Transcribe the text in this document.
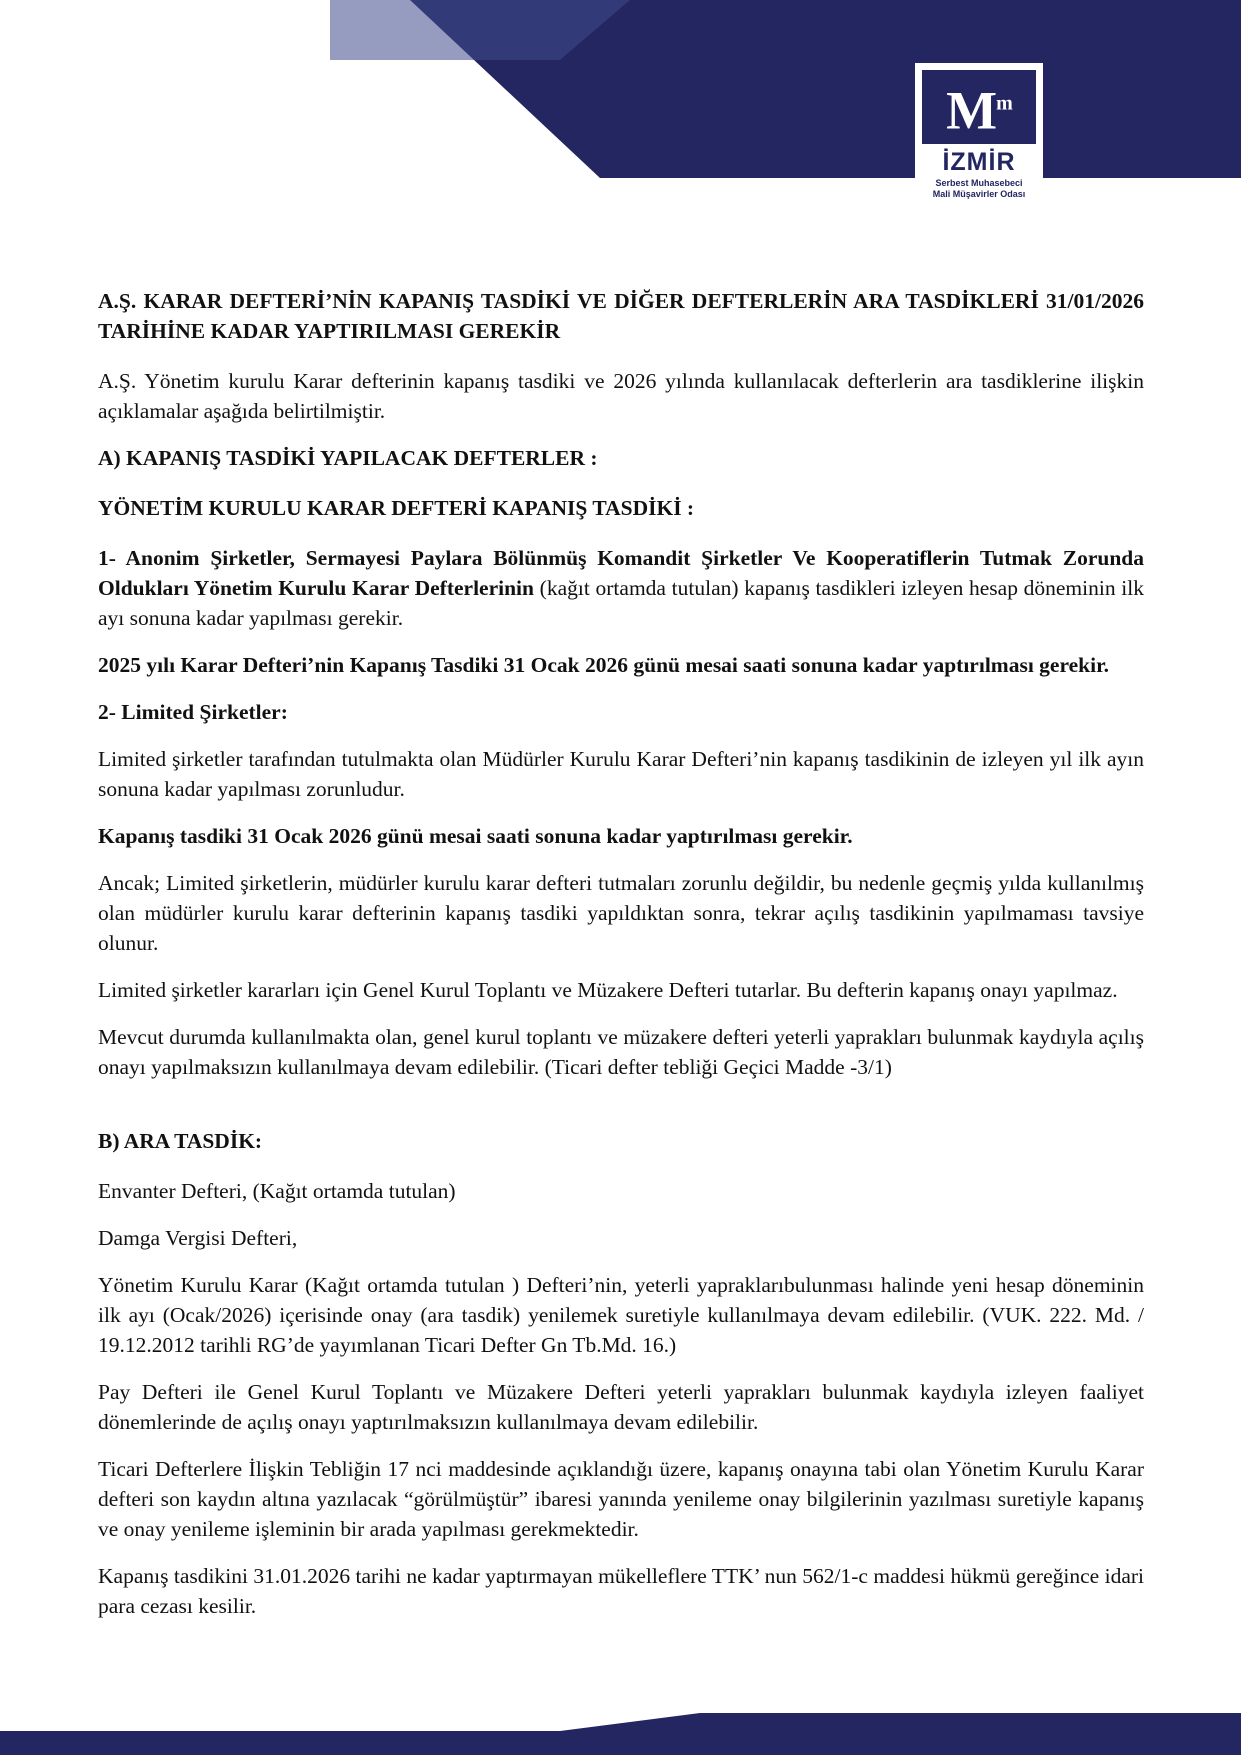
$M^m$
İZMİR
Serbest Muhasebeci
Mali Müşavirler Odası

A.Ş. KARAR DEFTERİ’NİN KAPANIŞ TASDİKİ VE DİĞER DEFTERLERİN ARA TASDİKLERİ 31/01/2026 TARİHİNE KADAR YAPTIRILMASI GEREKİR

A.Ş. Yönetim kurulu Karar defterinin kapanış tasdiki ve 2026 yılında kullanılacak defterlerin ara tasdiklerine ilişkin açıklamalar aşağıda belirtilmiştir.

A) KAPANIŞ TASDİKİ YAPILACAK DEFTERLER :

YÖNETİM KURULU KARAR DEFTERİ KAPANIŞ TASDİKİ :

1- Anonim Şirketler, Sermayesi Paylara Bölünmüş Komandit Şirketler Ve Kooperatiflerin Tutmak Zorunda Oldukları Yönetim Kurulu Karar Defterlerinin (kağıt ortamda tutulan) kapanış tasdikleri izleyen hesap döneminin ilk ayı sonuna kadar yapılması gerekir.

2025 yılı Karar Defteri’nin Kapanış Tasdiki 31 Ocak 2026 günü mesai saati sonuna kadar yaptırılması gerekir.

2- Limited Şirketler:

Limited şirketler tarafından tutulmakta olan Müdürler Kurulu Karar Defteri’nin kapanış tasdikinin de izleyen yıl ilk ayın sonuna kadar yapılması zorunludur.

Kapanış tasdiki 31 Ocak 2026 günü mesai saati sonuna kadar yaptırılması gerekir.

Ancak; Limited şirketlerin, müdürler kurulu karar defteri tutmaları zorunlu değildir, bu nedenle geçmiş yılda kullanılmış olan müdürler kurulu karar defterinin kapanış tasdiki yapıldıktan sonra, tekrar açılış tasdikinin yapılmaması tavsiye olunur.

Limited şirketler kararları için Genel Kurul Toplantı ve Müzakere Defteri tutarlar. Bu defterin kapanış onayı yapılmaz.

Mevcut durumda kullanılmakta olan, genel kurul toplantı ve müzakere defteri yeterli yaprakları bulunmak kaydıyla açılış onayı yapılmaksızın kullanılmaya devam edilebilir. (Ticari defter tebliği Geçici Madde -3/1)

B) ARA TASDİK:

Envanter Defteri, (Kağıt ortamda tutulan)

Damga Vergisi Defteri,

Yönetim Kurulu Karar (Kağıt ortamda tutulan ) Defteri’nin, yeterli yapraklarıbulunması halinde yeni hesap döneminin ilk ayı (Ocak/2026) içerisinde onay (ara tasdik) yenilemek suretiyle kullanılmaya devam edilebilir. (VUK. 222. Md. / 19.12.2012 tarihli RG’de yayımlanan Ticari Defter Gn Tb.Md. 16.)

Pay Defteri ile Genel Kurul Toplantı ve Müzakere Defteri yeterli yaprakları bulunmak kaydıyla izleyen faaliyet dönemlerinde de açılış onayı yaptırılmaksızın kullanılmaya devam edilebilir.

Ticari Defterlere İlişkin Tebliğin 17 nci maddesinde açıklandığı üzere, kapanış onayına tabi olan Yönetim Kurulu Karar defteri son kaydın altına yazılacak “görülmüştür” ibaresi yanında yenileme onay bilgilerinin yazılması suretiyle kapanış ve onay yenileme işleminin bir arada yapılması gerekmektedir.

Kapanış tasdikini 31.01.2026 tarihi ne kadar yaptırmayan mükelleflere TTK’ nun 562/1-c maddesi hükmü gereğince idari para cezası kesilir.
